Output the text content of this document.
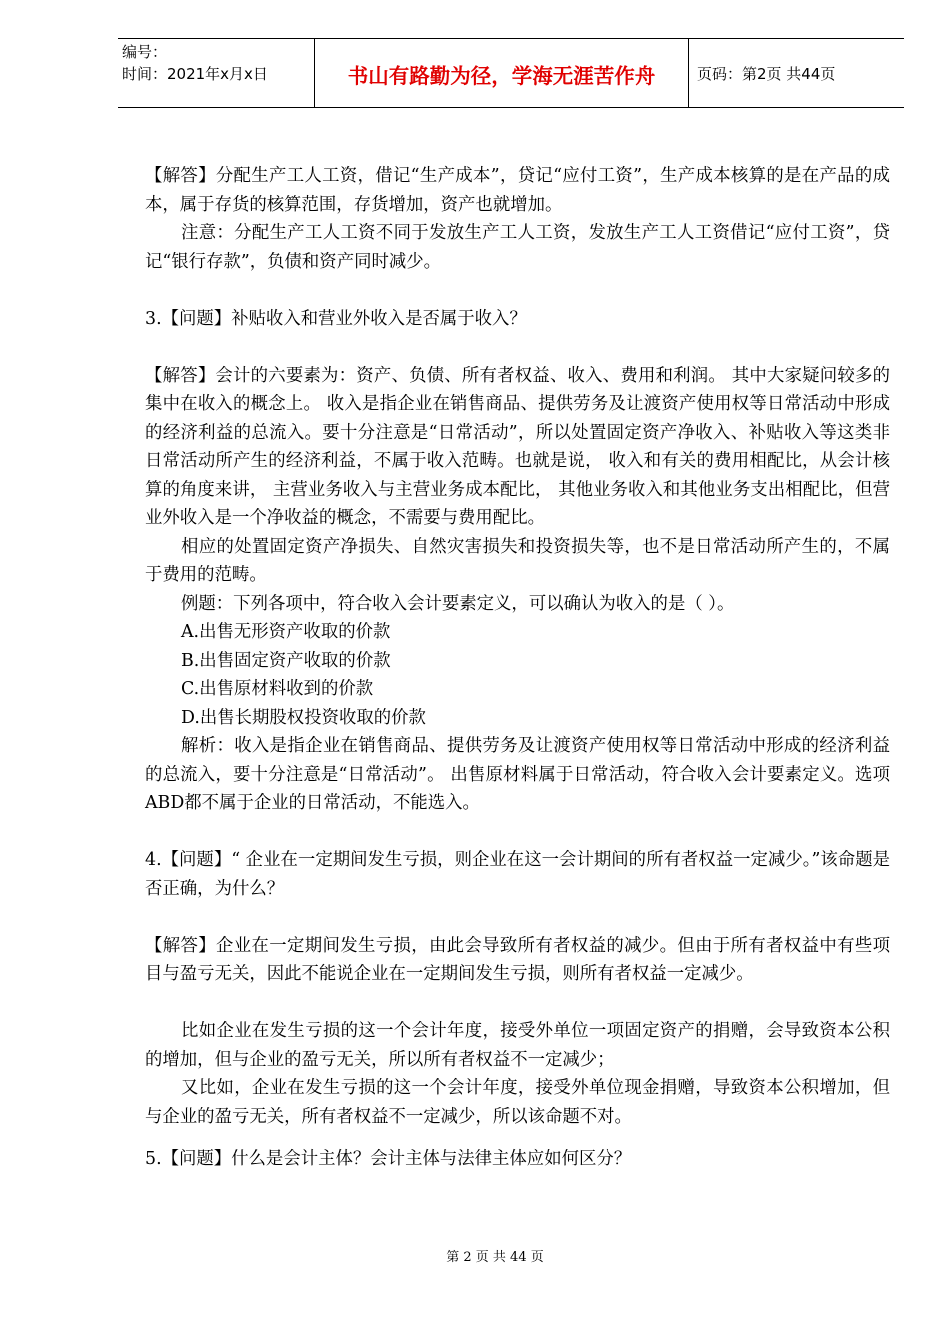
编号：
时间：2021年x月x日	书山有路勤为径，学海无涯苦作舟	页码：第2页 共44页

【解答】分配生产工人工资，借记“生产成本”，贷记“应付工资”，生产成本核算的是在产品的成本，属于存货的核算范围，存货增加，资产也就增加。

注意：分配生产工人工资不同于发放生产工人工资，发放生产工人工资借记“应付工资”，贷记“银行存款”，负债和资产同时减少。

3.【问题】补贴收入和营业外收入是否属于收入？

【解答】会计的六要素为：资产、负债、所有者权益、收入、费用和利润。 其中大家疑问较多的集中在收入的概念上。 收入是指企业在销售商品、提供劳务及让渡资产使用权等日常活动中形成的经济利益的总流入。要十分注意是“日常活动”，所以处置固定资产净收入、补贴收入等这类非日常活动所产生的经济利益，不属于收入范畴。也就是说， 收入和有关的费用相配比，从会计核算的角度来讲， 主营业务收入与主营业务成本配比， 其他业务收入和其他业务支出相配比，但营业外收入是一个净收益的概念，不需要与费用配比。

相应的处置固定资产净损失、自然灾害损失和投资损失等，也不是日常活动所产生的，不属于费用的范畴。

例题：下列各项中，符合收入会计要素定义，可以确认为收入的是（ ）。

A.出售无形资产收取的价款

B.出售固定资产收取的价款

C.出售原材料收到的价款

D.出售长期股权投资收取的价款

解析：收入是指企业在销售商品、提供劳务及让渡资产使用权等日常活动中形成的经济利益的总流入，要十分注意是“日常活动”。 出售原材料属于日常活动，符合收入会计要素定义。选项 ABD都不属于企业的日常活动，不能选入。

4.【问题】“ 企业在一定期间发生亏损，则企业在这一会计期间的所有者权益一定减少。”该命题是否正确，为什么？

【解答】企业在一定期间发生亏损，由此会导致所有者权益的减少。但由于所有者权益中有些项目与盈亏无关，因此不能说企业在一定期间发生亏损，则所有者权益一定减少。

比如企业在发生亏损的这一个会计年度，接受外单位一项固定资产的捐赠，会导致资本公积的增加，但与企业的盈亏无关，所以所有者权益不一定减少；

又比如，企业在发生亏损的这一个会计年度，接受外单位现金捐赠，导致资本公积增加，但与企业的盈亏无关，所有者权益不一定减少，所以该命题不对。

5.【问题】什么是会计主体？会计主体与法律主体应如何区分？

第 2 页 共 44 页
